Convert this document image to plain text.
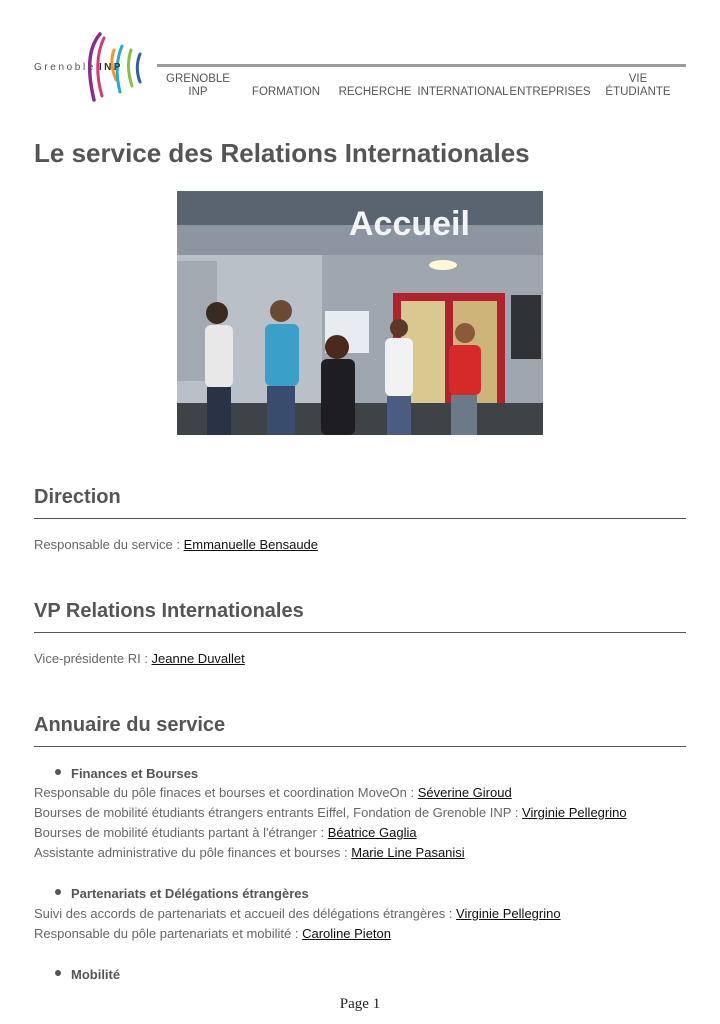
Grenoble INP
GRENOBLE
INP	FORMATION	RECHERCHE INTERNATIONAL ENTREPRISES
VIE
ÉTUDIANTE
Le service des Relations Internationales
Accueil
Direction

Responsable du service : Emmanuelle Bensaude

VP Relations Internationales

Vice-présidente RI : Jeanne Duvallet

Annuaire du service
Finances et Bourses

Responsable du pôle finaces et bourses et coordination MoveOn : Séverine Giroud

Bourses de mobilité étudiants étrangers entrants Eiffel, Fondation de Grenoble INP : Virginie Pellegrino

Bourses de mobilité étudiants partant à l'étranger : Béatrice Gaglia

Assistante administrative du pôle finances et bourses : Marie Line Pasanisi

Partenariats et Délégations étrangères

Suivi des accords de partenariats et accueil des délégations étrangères : Virginie Pellegrino

Responsable du pôle partenariats et mobilité : Caroline Pieton

Mobilité
Page 1
